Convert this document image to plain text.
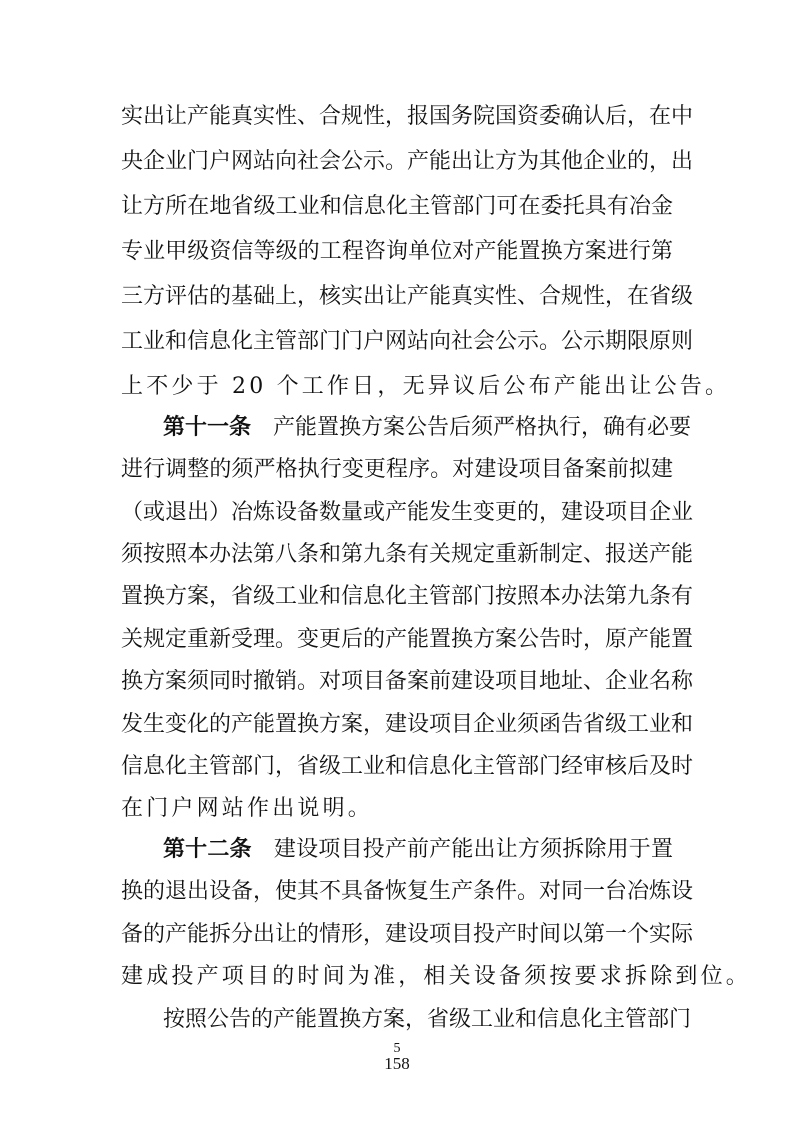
实出让产能真实性、合规性，报国务院国资委确认后，在中
央企业门户网站向社会公示。产能出让方为其他企业的，出
让方所在地省级工业和信息化主管部门可在委托具有冶金
专业甲级资信等级的工程咨询单位对产能置换方案进行第
三方评估的基础上，核实出让产能真实性、合规性，在省级
工业和信息化主管部门门户网站向社会公示。公示期限原则
上不少于 20 个工作日，无异议后公布产能出让公告。
第十一条 产能置换方案公告后须严格执行，确有必要
进行调整的须严格执行变更程序。对建设项目备案前拟建
（或退出）冶炼设备数量或产能发生变更的，建设项目企业
须按照本办法第八条和第九条有关规定重新制定、报送产能
置换方案，省级工业和信息化主管部门按照本办法第九条有
关规定重新受理。变更后的产能置换方案公告时，原产能置
换方案须同时撤销。对项目备案前建设项目地址、企业名称
发生变化的产能置换方案，建设项目企业须函告省级工业和
信息化主管部门，省级工业和信息化主管部门经审核后及时
在门户网站作出说明。
第十二条 建设项目投产前产能出让方须拆除用于置
换的退出设备，使其不具备恢复生产条件。对同一台冶炼设
备的产能拆分出让的情形，建设项目投产时间以第一个实际
建成投产项目的时间为准，相关设备须按要求拆除到位。
按照公告的产能置换方案，省级工业和信息化主管部门
5
158
